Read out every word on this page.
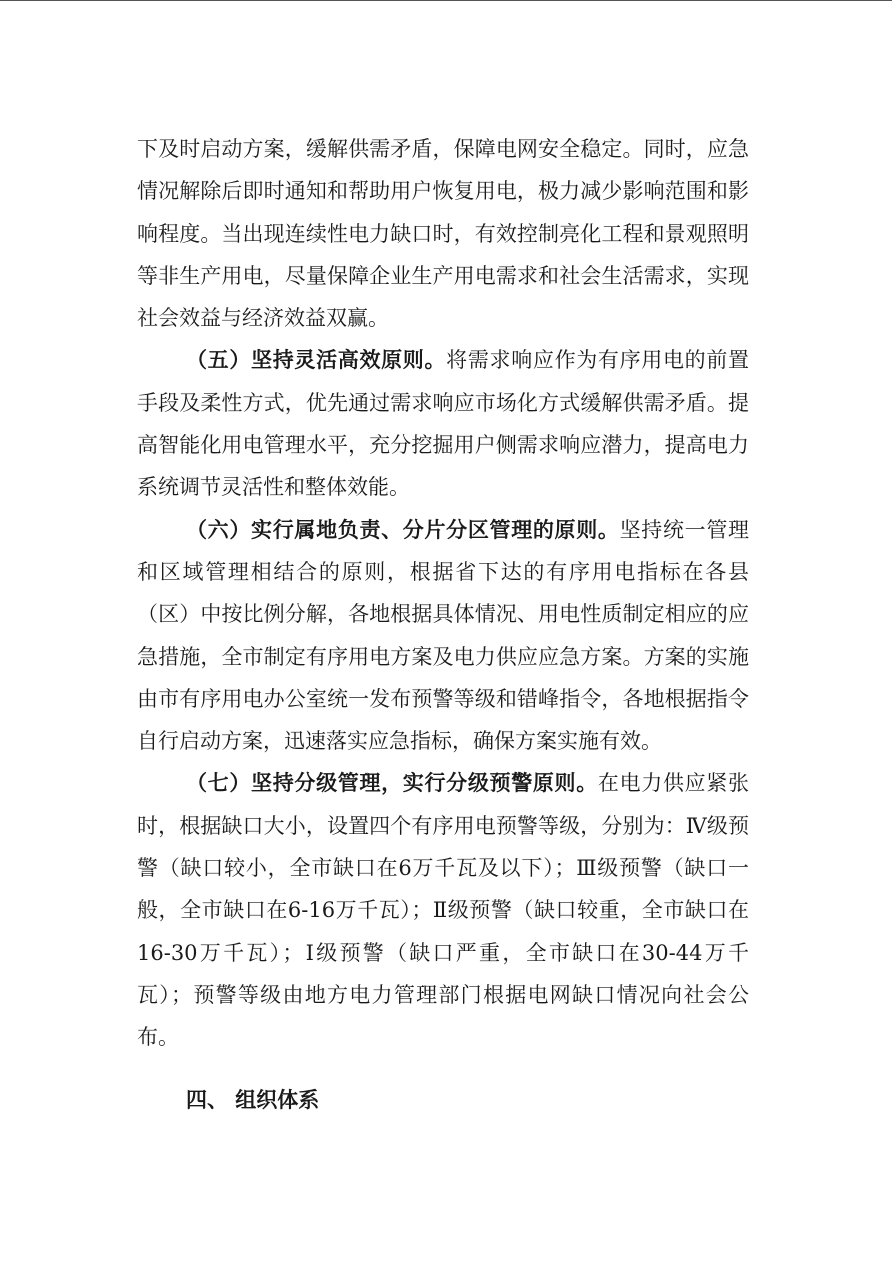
下及时启动方案，缓解供需矛盾，保障电网安全稳定。同时，应急情况解除后即时通知和帮助用户恢复用电，极力减少影响范围和影响程度。当出现连续性电力缺口时，有效控制亮化工程和景观照明等非生产用电，尽量保障企业生产用电需求和社会生活需求，实现社会效益与经济效益双赢。

（五）坚持灵活高效原则。将需求响应作为有序用电的前置手段及柔性方式，优先通过需求响应市场化方式缓解供需矛盾。提高智能化用电管理水平，充分挖掘用户侧需求响应潜力，提高电力系统调节灵活性和整体效能。

（六）实行属地负责、分片分区管理的原则。坚持统一管理和区域管理相结合的原则，根据省下达的有序用电指标在各县（区）中按比例分解，各地根据具体情况、用电性质制定相应的应急措施，全市制定有序用电方案及电力供应应急方案。方案的实施由市有序用电办公室统一发布预警等级和错峰指令，各地根据指令自行启动方案，迅速落实应急指标，确保方案实施有效。

（七）坚持分级管理，实行分级预警原则。在电力供应紧张时，根据缺口大小，设置四个有序用电预警等级，分别为：Ⅳ级预警（缺口较小，全市缺口在6万千瓦及以下）；Ⅲ级预警（缺口一般，全市缺口在6-16万千瓦）；Ⅱ级预警（缺口较重，全市缺口在16-30万千瓦）；Ⅰ级预警（缺口严重，全市缺口在30-44万千瓦）；预警等级由地方电力管理部门根据电网缺口情况向社会公布。

四、 组织体系
